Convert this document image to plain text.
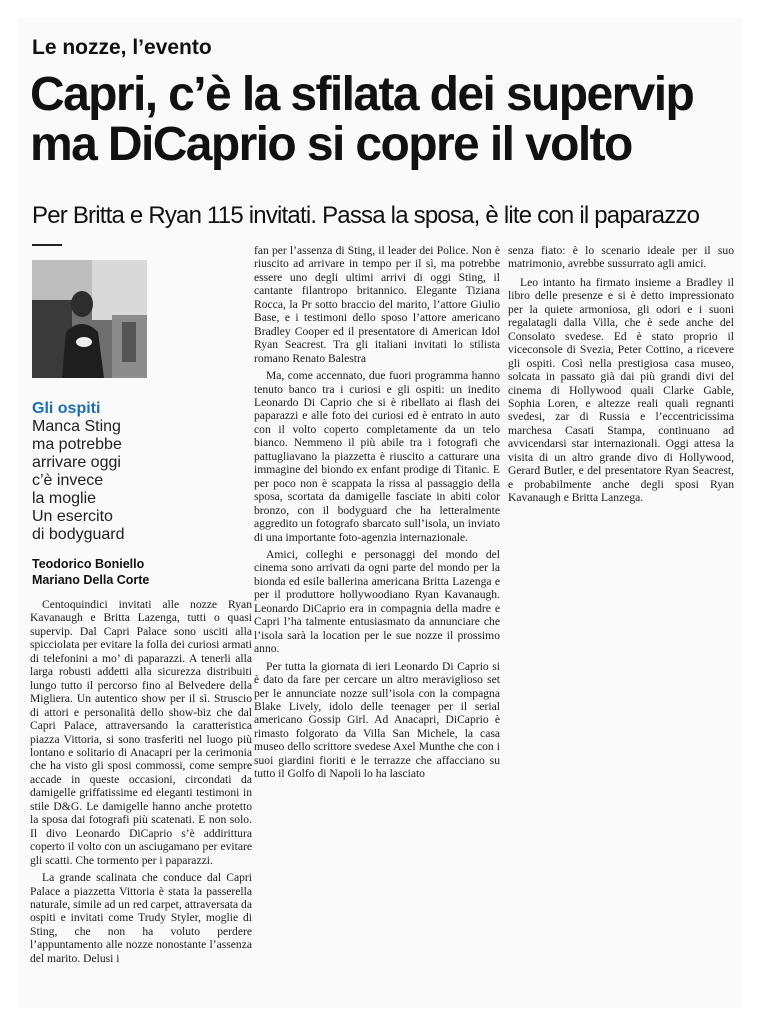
Le nozze, l’evento
Capri, c’è la sfilata dei supervip ma DiCaprio si copre il volto
Per Britta e Ryan 115 invitati. Passa la sposa, è lite con il paparazzo
Gli ospiti
Manca Sting
ma potrebbe
arrivare oggi
c’è invece
la moglie
Un esercito
di bodyguard
Teodorico Boniello
Mariano Della Corte

Centoquindici invitati alle nozze Ryan Kavanaugh e Britta Lazenga, tutti o quasi supervip. Dal Capri Palace sono usciti alla spicciolata per evitare la folla dei curiosi armati di telefonini a mo’ di paparazzi. A tenerli alla larga robusti addetti alla sicurezza distribuiti lungo tutto il percorso fino al Belvedere della Migliera. Un autentico show per il sì. Struscio di attori e personalità dello show-biz che dal Capri Palace, attraversando la caratteristica piazza Vittoria, si sono trasferiti nel luogo più lontano e solitario di Anacapri per la cerimonia che ha visto gli sposi commossi, come sempre accade in queste occasioni, circondati da damigelle griffatissime ed eleganti testimoni in stile D&G. Le damigelle hanno anche protetto la sposa dai fotografi più scatenati. E non solo. Il divo Leonardo DiCaprio s’è addirittura coperto il volto con un asciugamano per evitare gli scatti. Che tormento per i paparazzi.

La grande scalinata che conduce dal Capri Palace a piazzetta Vittoria è stata la passerella naturale, simile ad un red carpet, attraversata da ospiti e invitati come Trudy Styler, moglie di Sting, che non ha voluto perdere l’appuntamento alle nozze nonostante l’assenza del marito. Delusi i

fan per l’assenza di Sting, il leader dei Police. Non è riuscito ad arrivare in tempo per il sì, ma potrebbe essere uno degli ultimi arrivi di oggi Sting, il cantante filantropo britannico. Elegante Tiziana Rocca, la Pr sotto braccio del marito, l’attore Giulio Base, e i testimoni dello sposo l’attore americano Bradley Cooper ed il presentatore di American Idol Ryan Seacrest. Tra gli italiani invitati lo stilista romano Renato Balestra

Ma, come accennato, due fuori programma hanno tenuto banco tra i curiosi e gli ospiti: un inedito Leonardo Di Caprio che si è ribellato ai flash dei paparazzi e alle foto dei curiosi ed è entrato in auto con il volto coperto completamente da un telo bianco. Nemmeno il più abile tra i fotografi che pattugliavano la piazzetta è riuscito a catturare una immagine del biondo ex enfant prodige di Titanic. E per poco non è scappata la rissa al passaggio della sposa, scortata da damigelle fasciate in abiti color bronzo, con il bodyguard che ha letteralmente aggredito un fotografo sbarcato sull’isola, un inviato di una importante foto-agenzia internazionale.

Amici, colleghi e personaggi del mondo del cinema sono arrivati da ogni parte del mondo per la bionda ed esile ballerina americana Britta Lazenga e per il produttore hollywoodiano Ryan Kavanaugh. Leonardo DiCaprio era in compagnia della madre e Capri l’ha talmente entusiasmato da annunciare che l’isola sarà la location per le sue nozze il prossimo anno.

Per tutta la giornata di ieri Leonardo Di Caprio si è dato da fare per cercare un altro meraviglioso set per le annunciate nozze sull’isola con la compagna Blake Lively, idolo delle teenager per il serial americano Gossip Girl. Ad Anacapri, DiCaprio è rimasto folgorato da Villa San Michele, la casa museo dello scrittore svedese Axel Munthe che con i suoi giardini fioriti e le terrazze che affacciano su tutto il Golfo di Napoli lo ha lasciato

senza fiato: è lo scenario ideale per il suo matrimonio, avrebbe sussurrato agli amici.

Leo intanto ha firmato insieme a Bradley il libro delle presenze e si è detto impressionato per la quiete armoniosa, gli odori e i suoni regalatagli dalla Villa, che è sede anche del Consolato svedese. Ed è stato proprio il viceconsole di Svezia, Peter Cottino, a ricevere gli ospiti. Così nella prestigiosa casa museo, solcata in passato già dai più grandi divi del cinema di Hollywood quali Clarke Gable, Sophia Loren, e altezze reali quali regnanti svedesi, zar di Russia e l’eccentricissima marchesa Casati Stampa, continuano ad avvicendarsi star internazionali. Oggi attesa la visita di un altro grande divo di Hollywood, Gerard Butler, e del presentatore Ryan Seacrest, e probabilmente anche degli sposi Ryan Kavanaugh e Britta Lanzega.
